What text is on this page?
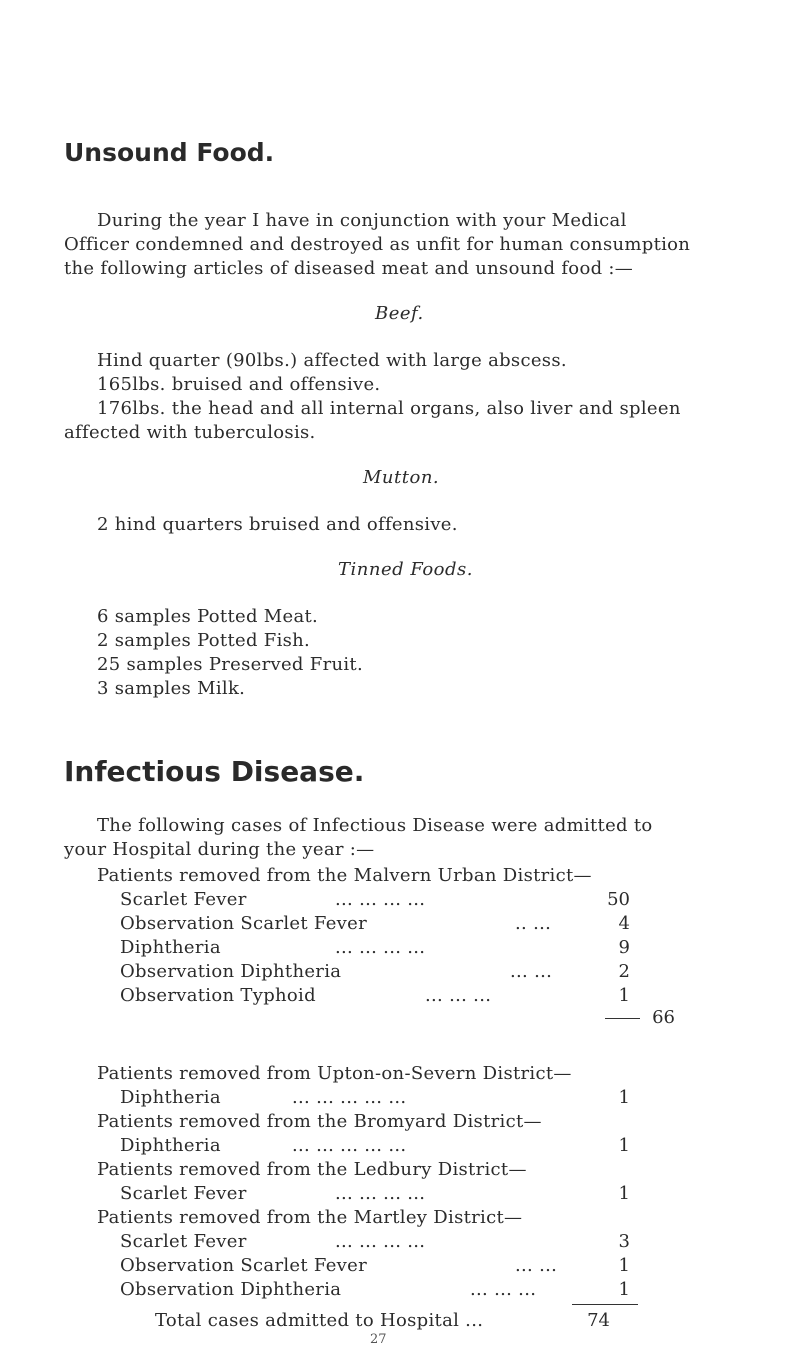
Unsound Food.
During the year I have in conjunction with your Medical
Officer condemned and destroyed as unfit for human consumption
the following articles of diseased meat and unsound food :—
Beef.
Hind quarter (90lbs.) affected with large abscess.
165lbs. bruised and offensive.
176lbs. the head and all internal organs, also liver and spleen
affected with tuberculosis.
Mutton.
2 hind quarters bruised and offensive.
Tinned Foods.
6 samples Potted Meat.
2 samples Potted Fish.
25 samples Preserved Fruit.
3 samples Milk.
Infectious Disease.
The following cases of Infectious Disease were admitted to
your Hospital during the year :—
Patients removed from the Malvern Urban District—
Scarlet Fever	... ... ... ...	50
Observation Scarlet Fever	.. ...	4
Diphtheria	... ... ... ...	9
Observation Diphtheria	... ...	2
Observation Typhoid	... ... ...	1
66
Patients removed from Upton-on-Severn District—
Diphtheria	... ... ... ... ...	1
Patients removed from the Bromyard District—
Diphtheria	... ... ... ... ...	1
Patients removed from the Ledbury District—
Scarlet Fever	... ... ... ...	1
Patients removed from the Martley District—
Scarlet Fever	... ... ... ...	3
Observation Scarlet Fever	... ...	1
Observation Diphtheria	... ... ...	1
Total cases admitted to Hospital ...	74
27
